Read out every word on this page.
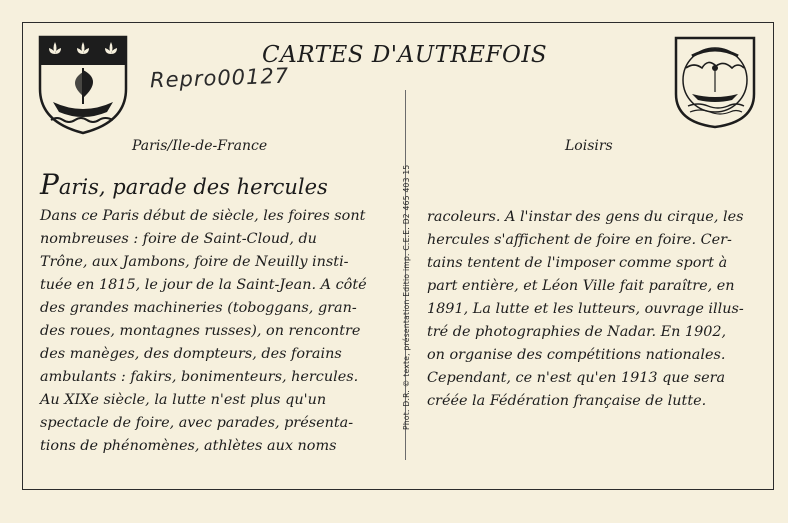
CARTES D'AUTREFOIS
Repro00127
Paris/Ile-de-France	Loisirs
Paris, parade des hercules
Dans ce Paris début de siècle, les foires sont
nombreuses : foire de Saint-Cloud, du
Trône, aux Jambons, foire de Neuilly insti-
tuée en 1815, le jour de la Saint-Jean. A côté
des grandes machineries (toboggans, gran-
des roues, montagnes russes), on rencontre
des manèges, des dompteurs, des forains
ambulants : fakirs, bonimenteurs, hercules.
Au XIXe siècle, la lutte n'est plus qu'un
spectacle de foire, avec parades, présenta-
tions de phénomènes, athlètes aux noms
Phot. D.R. © texte, présentation Editio imp. C.E.E. D2 465 403 15 racoleurs. A l'instar des gens du cirque, les
hercules s'affichent de foire en foire. Cer-
tains tentent de l'imposer comme sport à
part entière, et Léon Ville fait paraître, en
1891, La lutte et les lutteurs, ouvrage illus-
tré de photographies de Nadar. En 1902,
on organise des compétitions nationales.
Cependant, ce n'est qu'en 1913 que sera
créée la Fédération française de lutte.
